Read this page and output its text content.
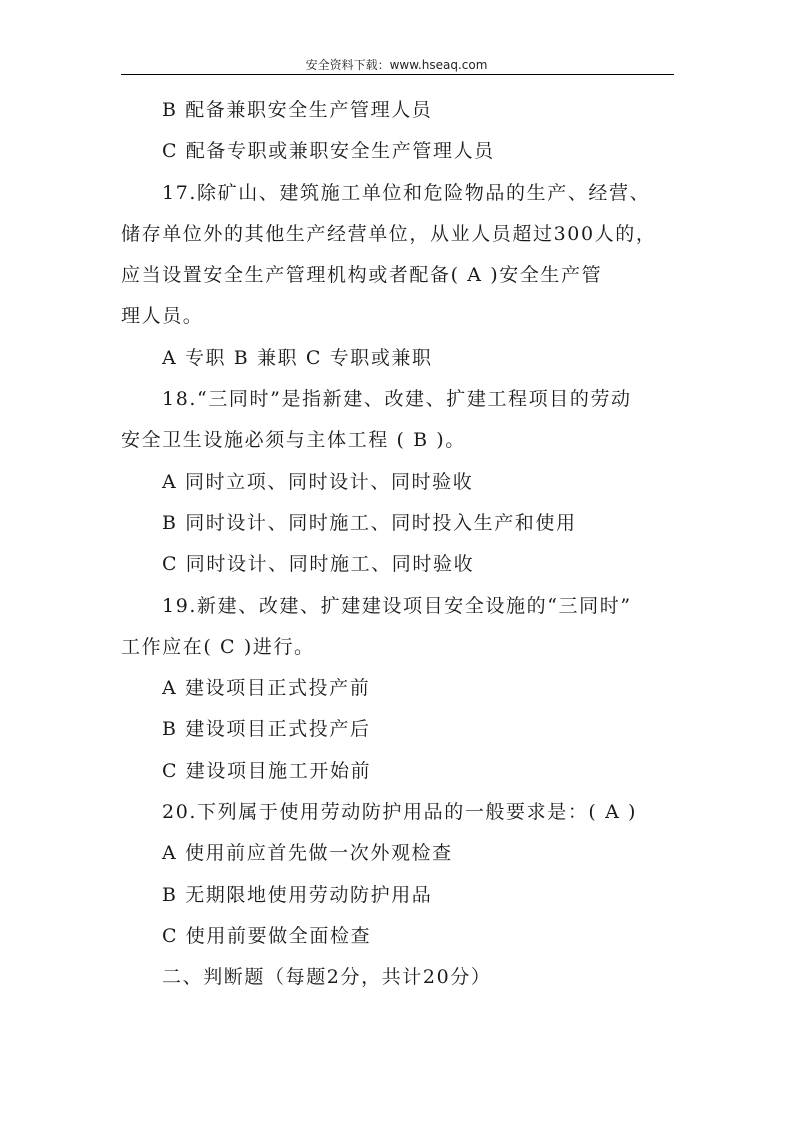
安全资料下载：www.hseaq.com
B 配备兼职安全生产管理人员
C 配备专职或兼职安全生产管理人员
17.除矿山、建筑施工单位和危险物品的生产、经营、
储存单位外的其他生产经营单位，从业人员超过300人的，
应当设置安全生产管理机构或者配备( A )安全生产管
理人员。
A 专职 B 兼职 C 专职或兼职
18.“三同时”是指新建、改建、扩建工程项目的劳动
安全卫生设施必须与主体工程 ( B )。
A 同时立项、同时设计、同时验收
B 同时设计、同时施工、同时投入生产和使用
C 同时设计、同时施工、同时验收
19.新建、改建、扩建建设项目安全设施的“三同时”
工作应在( C )进行。
A 建设项目正式投产前
B 建设项目正式投产后
C 建设项目施工开始前
20.下列属于使用劳动防护用品的一般要求是：( A )
A 使用前应首先做一次外观检查
B 无期限地使用劳动防护用品
C 使用前要做全面检查
二、判断题（每题2分，共计20分）
